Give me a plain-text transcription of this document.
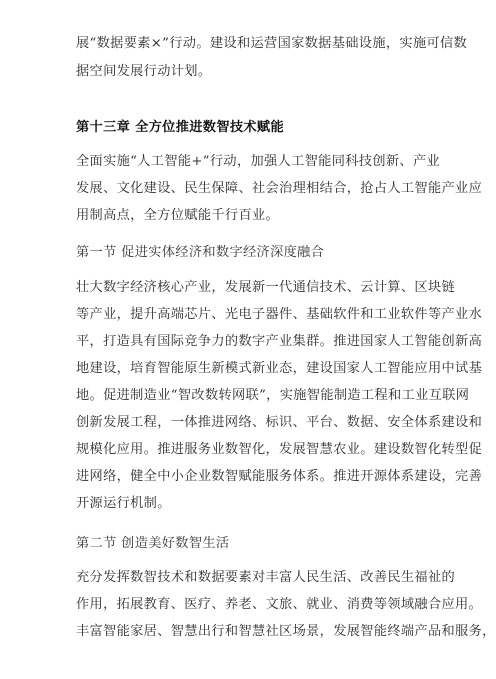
展“数据要素×”行动。建设和运营国家数据基础设施，实施可信数
据空间发展行动计划。
第十三章 全方位推进数智技术赋能
全面实施“人工智能+”行动，加强人工智能同科技创新、产业
发展、文化建设、民生保障、社会治理相结合，抢占人工智能产业应
用制高点，全方位赋能千行百业。
第一节 促进实体经济和数字经济深度融合
壮大数字经济核心产业，发展新一代通信技术、云计算、区块链
等产业，提升高端芯片、光电子器件、基础软件和工业软件等产业水
平，打造具有国际竞争力的数字产业集群。推进国家人工智能创新高
地建设，培育智能原生新模式新业态，建设国家人工智能应用中试基
地。促进制造业“智改数转网联”，实施智能制造工程和工业互联网
创新发展工程，一体推进网络、标识、平台、数据、安全体系建设和
规模化应用。推进服务业数智化，发展智慧农业。建设数智化转型促
进网络，健全中小企业数智赋能服务体系。推进开源体系建设，完善
开源运行机制。
第二节 创造美好数智生活
充分发挥数智技术和数据要素对丰富人民生活、改善民生福祉的
作用，拓展教育、医疗、养老、文旅、就业、消费等领域融合应用。
丰富智能家居、智慧出行和智慧社区场景，发展智能终端产品和服务，
